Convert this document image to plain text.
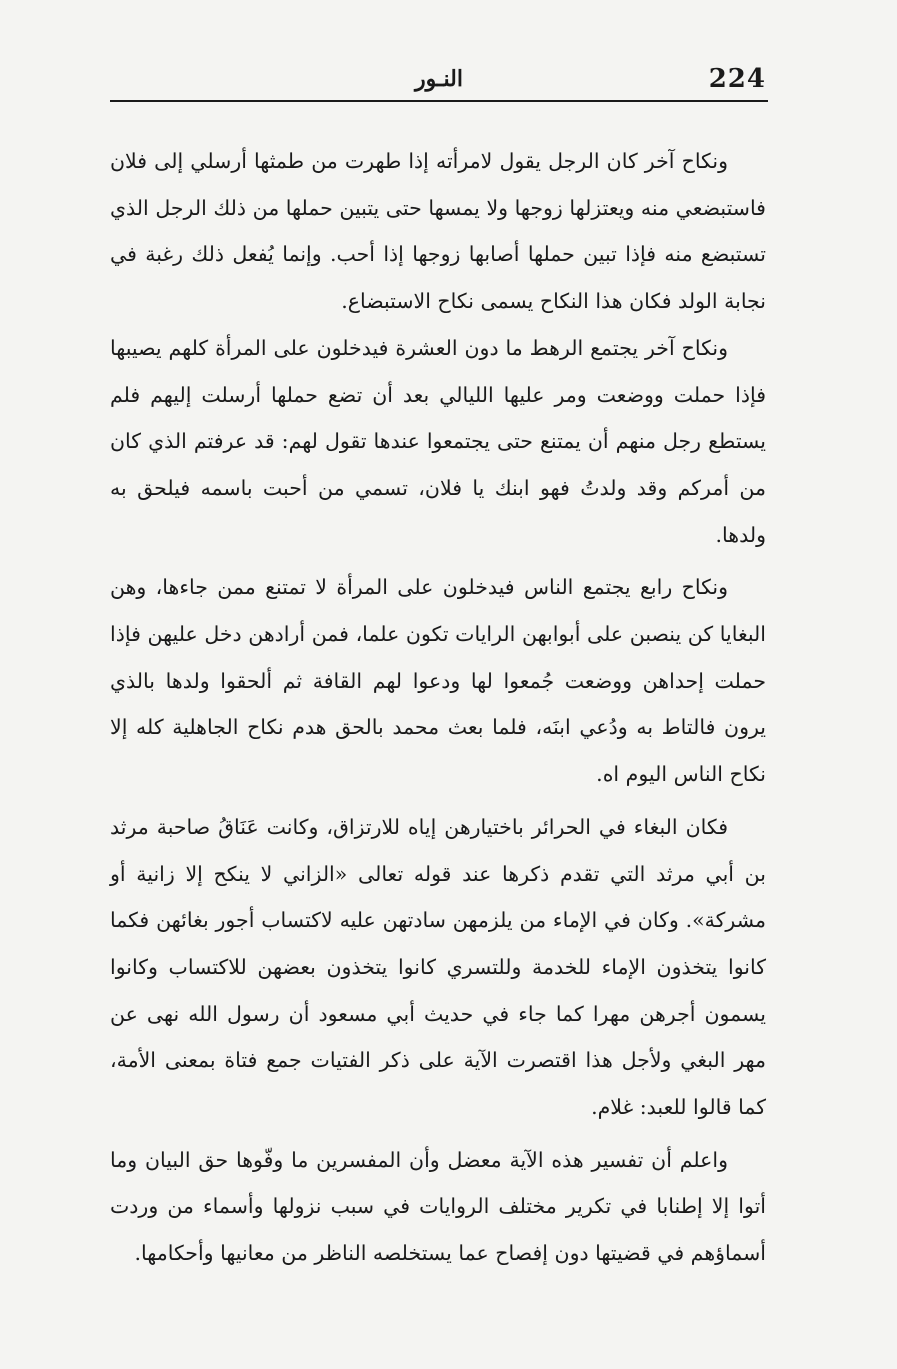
224
النـور

ونكاح آخر كان الرجل يقول لامرأته إذا طهرت من طمثها أرسلي إلى فلان فاستبضعي منه ويعتزلها زوجها ولا يمسها حتى يتبين حملها من ذلك الرجل الذي تستبضع منه فإذا تبين حملها أصابها زوجها إذا أحب. وإنما يُفعل ذلك رغبة في نجابة الولد فكان هذا النكاح يسمى نكاح الاستبضاع.

ونكاح آخر يجتمع الرهط ما دون العشرة فيدخلون على المرأة كلهم يصيبها فإذا حملت ووضعت ومر عليها الليالي بعد أن تضع حملها أرسلت إليهم فلم يستطع رجل منهم أن يمتنع حتى يجتمعوا عندها تقول لهم: قد عرفتم الذي كان من أمركم وقد ولدتُ فهو ابنك يا فلان، تسمي من أحبت باسمه فيلحق به ولدها.

ونكاح رابع يجتمع الناس فيدخلون على المرأة لا تمتنع ممن جاءها، وهن البغايا كن ينصبن على أبوابهن الرايات تكون علما، فمن أرادهن دخل عليهن فإذا حملت إحداهن ووضعت جُمعوا لها ودعوا لهم القافة ثم ألحقوا ولدها بالذي يرون فالتاط به ودُعي ابنَه، فلما بعث محمد بالحق هدم نكاح الجاهلية كله إلا نكاح الناس اليوم اه.

فكان البغاء في الحرائر باختيارهن إياه للارتزاق، وكانت عَنَاقُ صاحبة مرثد بن أبي مرثد التي تقدم ذكرها عند قوله تعالى «الزاني لا ينكح إلا زانية أو مشركة». وكان في الإماء من يلزمهن سادتهن عليه لاكتساب أجور بغائهن فكما كانوا يتخذون الإماء للخدمة وللتسري كانوا يتخذون بعضهن للاكتساب وكانوا يسمون أجرهن مهرا كما جاء في حديث أبي مسعود أن رسول الله نهى عن مهر البغي ولأجل هذا اقتصرت الآية على ذكر الفتيات جمع فتاة بمعنى الأمة، كما قالوا للعبد: غلام.

واعلم أن تفسير هذه الآية معضل وأن المفسرين ما وفّوها حق البيان وما أتوا إلا إطنابا في تكرير مختلف الروايات في سبب نزولها وأسماء من وردت أسماؤهم في قضيتها دون إفصاح عما يستخلصه الناظر من معانيها وأحكامها.
